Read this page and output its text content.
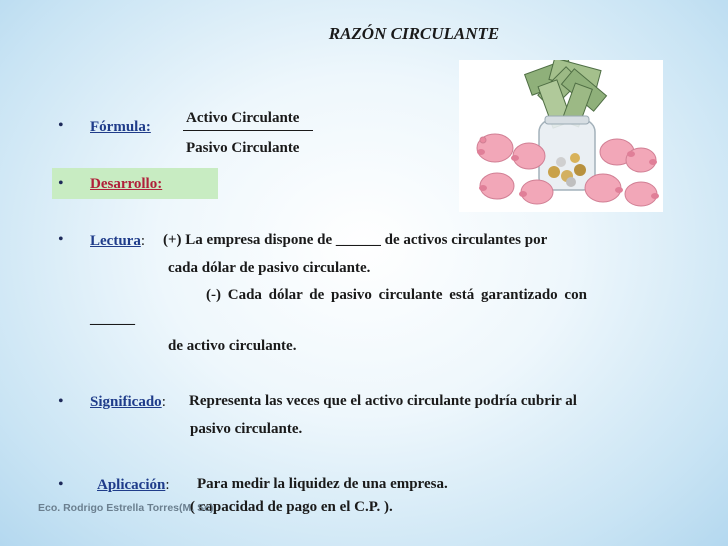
RAZÓN CIRCULANTE
• Fórmula:
Activo Circulante
Pasivo Circulante
• Desarrollo:
• Lectura: (+) La empresa dispone de ______ de activos circulantes por
cada dólar de pasivo circulante.
(-) Cada dólar de pasivo circulante está garantizado con
______
de activo circulante.
• Significado: Representa las veces que el activo circulante podría cubrir al
pasivo circulante.
• Aplicación: Para medir la liquidez de una empresa.
( capacidad de pago en el C.P. ).
Eco. Rodrigo Estrella Torres(M. Sc)
